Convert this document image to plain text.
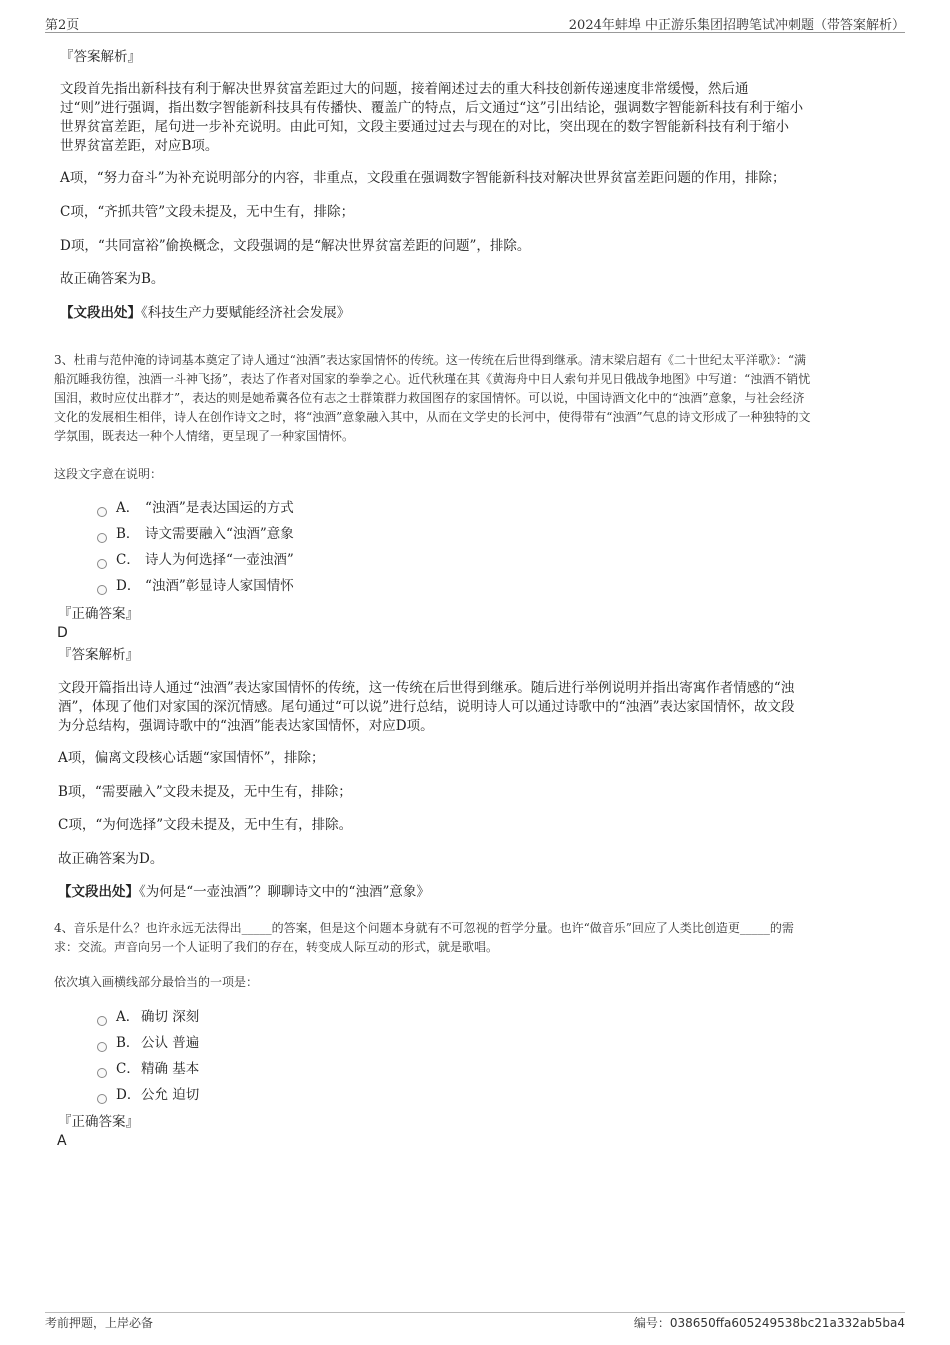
第2页	2024年蚌埠 中正游乐集团招聘笔试冲刺题（带答案解析）
『答案解析』
文段首先指出新科技有利于解决世界贫富差距过大的问题，接着阐述过去的重大科技创新传递速度非常缓慢，然后通
过“则”进行强调，指出数字智能新科技具有传播快、覆盖广的特点，后文通过“这”引出结论，强调数字智能新科技有利于缩小
世界贫富差距，尾句进一步补充说明。由此可知，文段主要通过过去与现在的对比，突出现在的数字智能新科技有利于缩小
世界贫富差距，对应B项。
A项，“努力奋斗”为补充说明部分的内容，非重点，文段重在强调数字智能新科技对解决世界贫富差距问题的作用，排除；
C项，“齐抓共管”文段未提及，无中生有，排除；
D项，“共同富裕”偷换概念，文段强调的是“解决世界贫富差距的问题”，排除。
故正确答案为B。
【文段出处】《科技生产力要赋能经济社会发展》
3、杜甫与范仲淹的诗词基本奠定了诗人通过“浊酒”表达家国情怀的传统。这一传统在后世得到继承。清末梁启超有《二十世纪太平洋歌》：“满
船沉睡我彷徨，浊酒一斗神飞扬”，表达了作者对国家的拳拳之心。近代秋瑾在其《黄海舟中日人索句并见日俄战争地图》中写道：“浊酒不销忧
国泪，救时应仗出群才”，表达的则是她希冀各位有志之士群策群力救国图存的家国情怀。可以说，中国诗酒文化中的“浊酒”意象，与社会经济
文化的发展相生相伴，诗人在创作诗文之时，将“浊酒”意象融入其中，从而在文学史的长河中，使得带有“浊酒”气息的诗文形成了一种独特的文
学氛围，既表达一种个人情绪，更呈现了一种家国情怀。
这段文字意在说明：
A． “浊酒”是表达国运的方式
B． 诗文需要融入“浊酒”意象
C． 诗人为何选择“一壶浊酒”
D． “浊酒”彰显诗人家国情怀
『正确答案』
D
『答案解析』
文段开篇指出诗人通过“浊酒”表达家国情怀的传统，这一传统在后世得到继承。随后进行举例说明并指出寄寓作者情感的“浊
酒”，体现了他们对家国的深沉情感。尾句通过“可以说”进行总结，说明诗人可以通过诗歌中的“浊酒”表达家国情怀，故文段
为分总结构，强调诗歌中的“浊酒”能表达家国情怀，对应D项。
A项，偏离文段核心话题“家国情怀”，排除；
B项，“需要融入”文段未提及，无中生有，排除；
C项，“为何选择”文段未提及，无中生有，排除。
故正确答案为D。
【文段出处】《为何是“一壶浊酒”？聊聊诗文中的“浊酒”意象》
4、音乐是什么？也许永远无法得出_____的答案，但是这个问题本身就有不可忽视的哲学分量。也许“做音乐”回应了人类比创造更_____的需
求：交流。声音向另一个人证明了我们的存在，转变成人际互动的形式，就是歌唱。
依次填入画横线部分最恰当的一项是：
A． 确切 深刻
B． 公认 普遍
C． 精确 基本
D． 公允 迫切
『正确答案』
A
考前押题，上岸必备	编号：038650ffa605249538bc21a332ab5ba4
